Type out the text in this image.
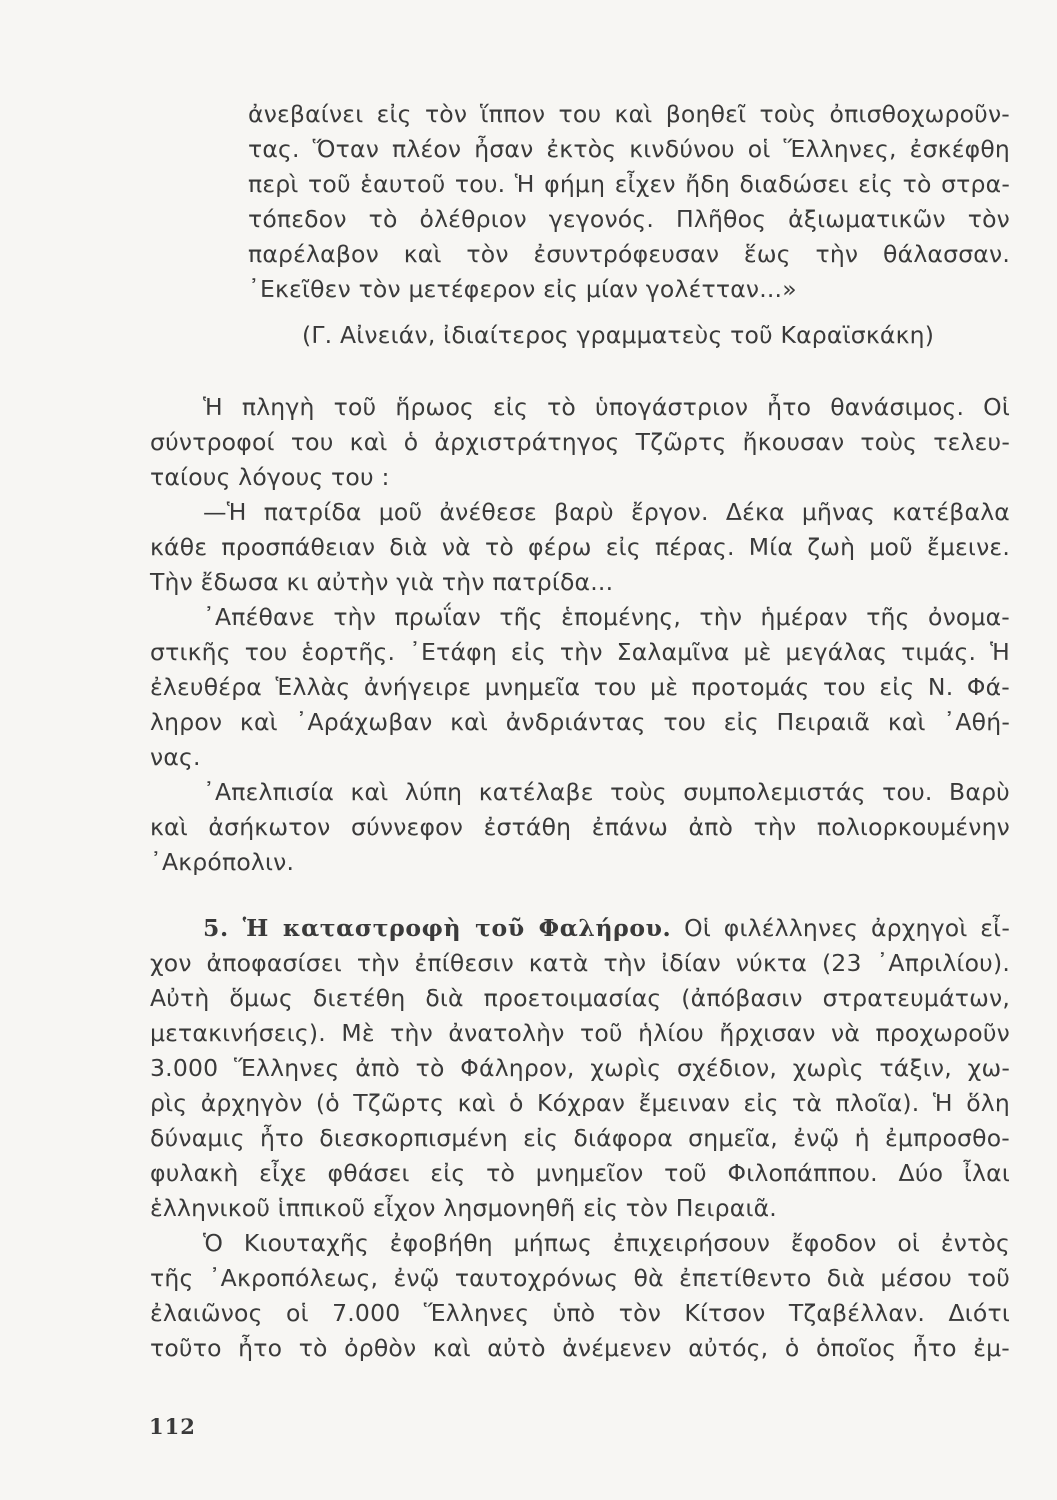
ἀνεβαίνει εἰς τὸν ἵππον του καὶ βοηθεῖ τοὺς ὀπισθοχωροῦν-
τας. Ὅταν πλέον ἦσαν ἐκτὸς κινδύνου οἱ Ἕλληνες, ἐσκέφθη
περὶ τοῦ ἑαυτοῦ του. Ἡ φήμη εἶχεν ἤδη διαδώσει εἰς τὸ στρα-
τόπεδον τὸ ὀλέθριον γεγονός. Πλῆθος ἀξιωματικῶν τὸν
παρέλαβον καὶ τὸν ἐσυντρόφευσαν ἕως τὴν θάλασσαν.
᾿Εκεῖθεν τὸν μετέφερον εἰς μίαν γολέτταν...»
(Γ. Αἰνειάν, ἰδιαίτερος γραμματεὺς τοῦ Καραϊσκάκη)
Ἡ πληγὴ τοῦ ἥρωος εἰς τὸ ὑπογάστριον ἦτο θανάσιμος. Οἱ
σύντροφοί του καὶ ὁ ἀρχιστράτηγος Τζῶρτς ἤκουσαν τοὺς τελευ-
ταίους λόγους του :
—Ἡ πατρίδα μοῦ ἀνέθεσε βαρὺ ἔργον. Δέκα μῆνας κατέβαλα
κάθε προσπάθειαν διὰ νὰ τὸ φέρω εἰς πέρας. Μία ζωὴ μοῦ ἔμεινε.
Τὴν ἔδωσα κι αὐτὴν γιὰ τὴν πατρίδα...
᾿Απέθανε τὴν πρωΐαν τῆς ἑπομένης, τὴν ἡμέραν τῆς ὀνομα-
στικῆς του ἑορτῆς. ᾿Ετάφη εἰς τὴν Σαλαμῖνα μὲ μεγάλας τιμάς. Ἡ
ἐλευθέρα Ἑλλὰς ἀνήγειρε μνημεῖα του μὲ προτομάς του εἰς Ν. Φά-
ληρον καὶ ᾿Αράχωβαν καὶ ἀνδριάντας του εἰς Πειραιᾶ καὶ ᾿Αθή-
νας.
᾿Απελπισία καὶ λύπη κατέλαβε τοὺς συμπολεμιστάς του. Βαρὺ
καὶ ἀσήκωτον σύννεφον ἐστάθη ἐπάνω ἀπὸ τὴν πολιορκουμένην
᾿Ακρόπολιν.
5. Ἡ καταστροφὴ τοῦ Φαλήρου. Οἱ φιλέλληνες ἀρχηγοὶ εἶ-
χον ἀποφασίσει τὴν ἐπίθεσιν κατὰ τὴν ἰδίαν νύκτα (23 ᾿Απριλίου).
Αὐτὴ ὅμως διετέθη διὰ προετοιμασίας (ἀπόβασιν στρατευμάτων,
μετακινήσεις). Μὲ τὴν ἀνατολὴν τοῦ ἡλίου ἤρχισαν νὰ προχωροῦν
3.000 Ἕλληνες ἀπὸ τὸ Φάληρον, χωρὶς σχέδιον, χωρὶς τάξιν, χω-
ρὶς ἀρχηγὸν (ὁ Τζῶρτς καὶ ὁ Κόχραν ἔμειναν εἰς τὰ πλοῖα). Ἡ ὅλη
δύναμις ἦτο διεσκορπισμένη εἰς διάφορα σημεῖα, ἐνῷ ἡ ἐμπροσθο-
φυλακὴ εἶχε φθάσει εἰς τὸ μνημεῖον τοῦ Φιλοπάππου. Δύο ἶλαι
ἑλληνικοῦ ἱππικοῦ εἶχον λησμονηθῆ εἰς τὸν Πειραιᾶ.
Ὁ Κιουταχῆς ἐφοβήθη μήπως ἐπιχειρήσουν ἔφοδον οἱ ἐντὸς
τῆς ᾿Ακροπόλεως, ἐνῷ ταυτοχρόνως θὰ ἐπετίθεντο διὰ μέσου τοῦ
ἐλαιῶνος οἱ 7.000 Ἕλληνες ὑπὸ τὸν Κίτσον Τζαβέλλαν. Διότι
τοῦτο ἦτο τὸ ὀρθὸν καὶ αὐτὸ ἀνέμενεν αὐτός, ὁ ὁποῖος ἦτο ἐμ-
112
